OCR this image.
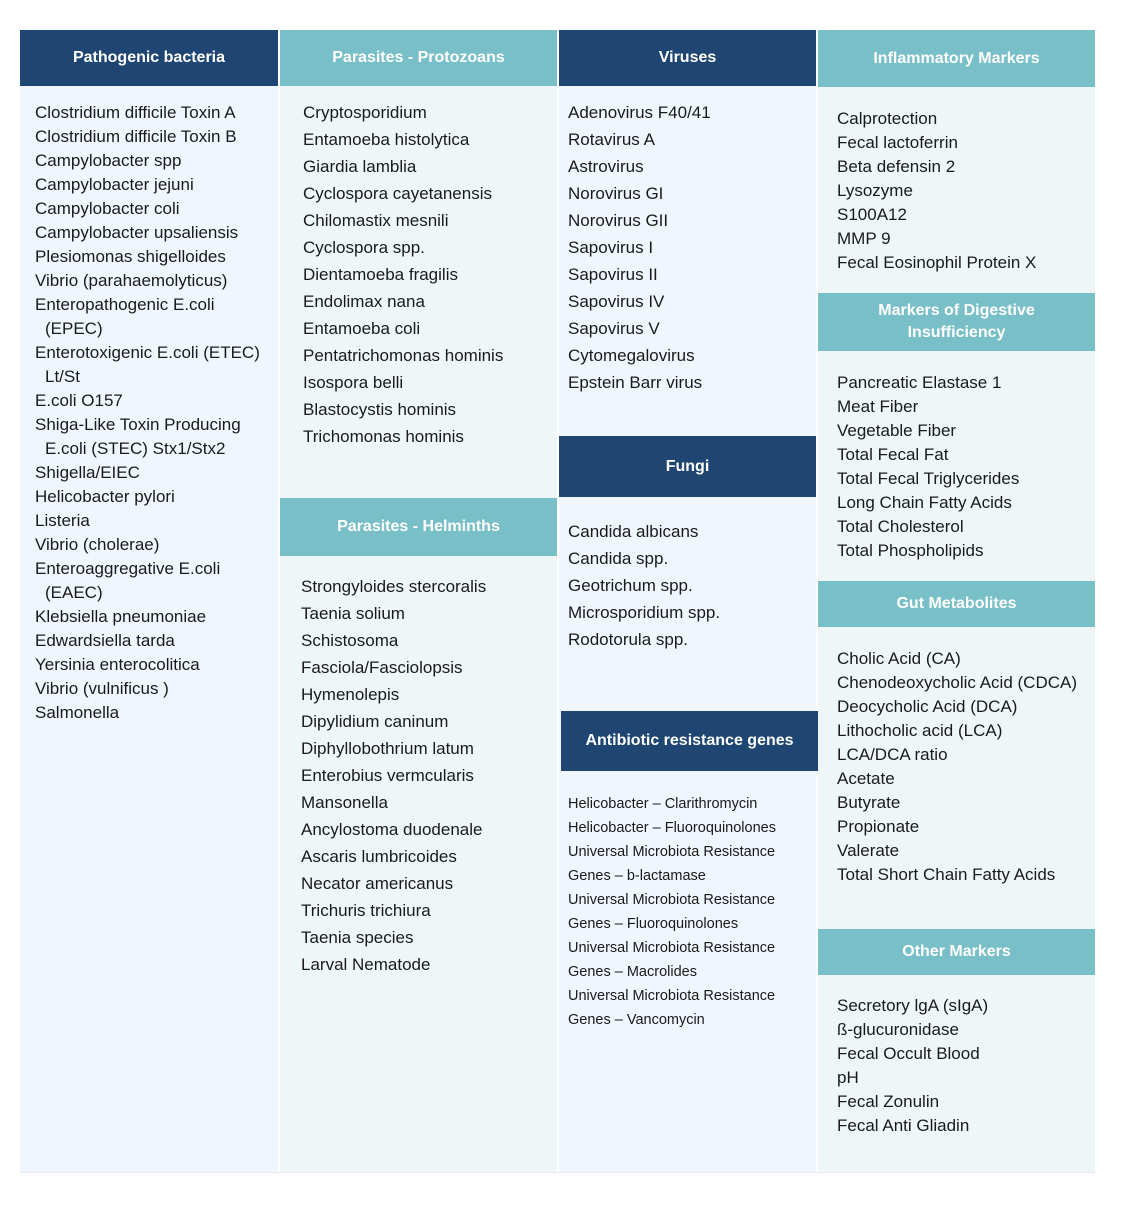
Pathogenic bacteria
Clostridium difficile Toxin A
Clostridium difficile Toxin B
Campylobacter spp
Campylobacter jejuni
Campylobacter coli
Campylobacter upsaliensis
Plesiomonas shigelloides
Vibrio (parahaemolyticus)
Enteropathogenic E.coli (EPEC)
Enterotoxigenic E.coli (ETEC) Lt/St
E.coli O157
Shiga-Like Toxin Producing E.coli (STEC) Stx1/Stx2
Shigella/EIEC
Helicobacter pylori
Listeria
Vibrio (cholerae)
Enteroaggregative E.coli (EAEC)
Klebsiella pneumoniae
Edwardsiella tarda
Yersinia enterocolitica
Vibrio (vulnificus )
Salmonella
Parasites - Protozoans
Cryptosporidium
Entamoeba histolytica
Giardia lamblia
Cyclospora cayetanensis
Chilomastix mesnili
Cyclospora spp.
Dientamoeba fragilis
Endolimax nana
Entamoeba coli
Pentatrichomonas hominis
Isospora belli
Blastocystis hominis
Trichomonas hominis
Parasites - Helminths
Strongyloides stercoralis
Taenia solium
Schistosoma
Fasciola/Fasciolopsis
Hymenolepis
Dipylidium caninum
Diphyllobothrium latum
Enterobius vermcularis
Mansonella
Ancylostoma duodenale
Ascaris lumbricoides
Necator americanus
Trichuris trichiura
Taenia species
Larval Nematode
Viruses
Adenovirus F40/41
Rotavirus A
Astrovirus
Norovirus GI
Norovirus GII
Sapovirus I
Sapovirus II
Sapovirus IV
Sapovirus V
Cytomegalovirus
Epstein Barr virus
Fungi
Candida albicans
Candida spp.
Geotrichum spp.
Microsporidium spp.
Rodotorula spp.
Antibiotic resistance genes
Helicobacter – Clarithromycin
Helicobacter – Fluoroquinolones
Universal Microbiota Resistance
Genes – b-lactamase
Universal Microbiota Resistance
Genes – Fluoroquinolones
Universal Microbiota Resistance
Genes – Macrolides
Universal Microbiota Resistance
Genes – Vancomycin
Inflammatory Markers
Calprotection
Fecal lactoferrin
Beta defensin 2
Lysozyme
S100A12
MMP 9
Fecal Eosinophil Protein X
Markers of Digestive Insufficiency
Pancreatic Elastase 1
Meat Fiber
Vegetable Fiber
Total Fecal Fat
Total Fecal Triglycerides
Long Chain Fatty Acids
Total Cholesterol
Total Phospholipids
Gut Metabolites
Cholic Acid (CA)
Chenodeoxycholic Acid (CDCA)
Deocycholic Acid (DCA)
Lithocholic acid (LCA)
LCA/DCA ratio
Acetate
Butyrate
Propionate
Valerate
Total Short Chain Fatty Acids
Other Markers
Secretory lgA (sIgA)
ß-glucuronidase
Fecal Occult Blood
pH
Fecal Zonulin
Fecal Anti Gliadin
